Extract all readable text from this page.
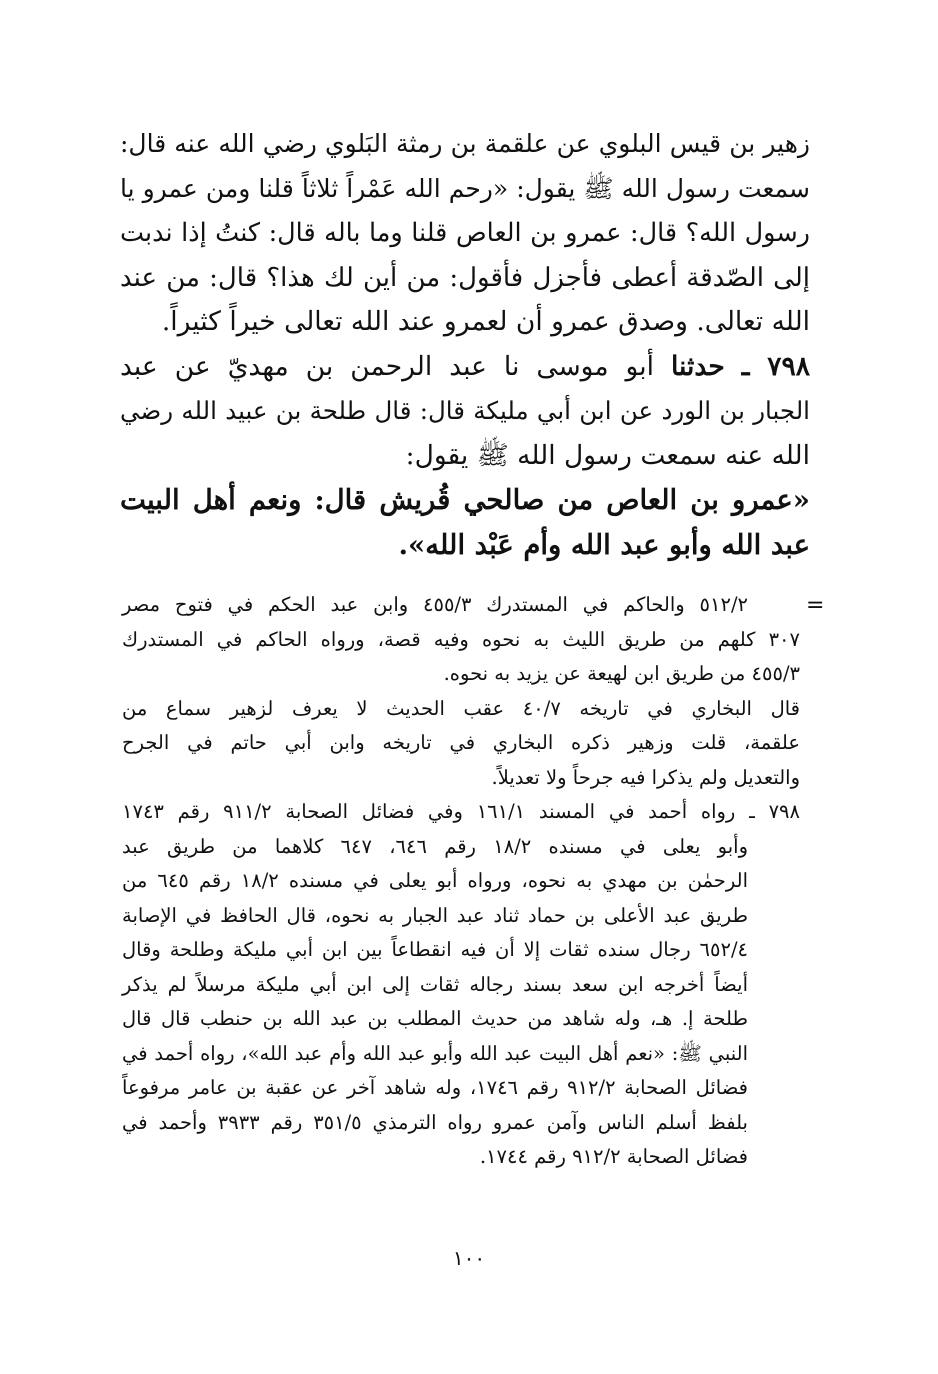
زهير بن قيس البلوي عن علقمة بن رمثة البَلوي رضي الله عنه قال:
سمعت رسول الله ﷺ يقول: «رحم الله عَمْراً ثلاثاً قلنا ومن عمرو يا
رسول الله؟ قال: عمرو بن العاص قلنا وما باله قال: كنتُ إذا ندبت
إلى الصّدقة أعطى فأجزل فأقول: من أين لك هذا؟ قال: من عند
الله تعالى. وصدق عمرو أن لعمرو عند الله تعالى خيراً كثيراً.
٧٩٨ ـ حدثنا أبو موسى نا عبد الرحمن بن مهديّ عن عبد
الجبار بن الورد عن ابن أبي مليكة قال: قال طلحة بن عبيد الله رضي
الله عنه سمعت رسول الله ﷺ يقول:
«عمرو بن العاص من صالحي قُريش قال: ونعم أهل البيت
عبد الله وأبو عبد الله وأم عَبْد الله».
=
٥١٢/٢ والحاكم في المستدرك ٤٥٥/٣ وابن عبد الحكم في فتوح مصر
٣٠٧ كلهم من طريق الليث به نحوه وفيه قصة، ورواه الحاكم في المستدرك
٤٥٥/٣ من طريق ابن لهيعة عن يزيد به نحوه.
قال البخاري في تاريخه ٤٠/٧ عقب الحديث لا يعرف لزهير سماع من
علقمة، قلت وزهير ذكره البخاري في تاريخه وابن أبي حاتم في الجرح
والتعديل ولم يذكرا فيه جرحاً ولا تعديلاً.
٧٩٨ ـ رواه أحمد في المسند ١٦١/١ وفي فضائل الصحابة ٩١١/٢ رقم ١٧٤٣
وأبو يعلى في مسنده ١٨/٢ رقم ٦٤٦، ٦٤٧ كلاهما من طريق عبد
الرحمٰن بن مهدي به نحوه، ورواه أبو يعلى في مسنده ١٨/٢ رقم ٦٤٥ من
طريق عبد الأعلى بن حماد ثناد عبد الجبار به نحوه، قال الحافظ في الإصابة
٦٥٢/٤ رجال سنده ثقات إلا أن فيه انقطاعاً بين ابن أبي مليكة وطلحة وقال
أيضاً أخرجه ابن سعد بسند رجاله ثقات إلى ابن أبي مليكة مرسلاً لم يذكر
طلحة إ. هـ، وله شاهد من حديث المطلب بن عبد الله بن حنطب قال قال
النبي ﷺ: «نعم أهل البيت عبد الله وأبو عبد الله وأم عبد الله»، رواه أحمد في
فضائل الصحابة ٩١٢/٢ رقم ١٧٤٦، وله شاهد آخر عن عقبة بن عامر مرفوعاً
بلفظ أسلم الناس وآمن عمرو رواه الترمذي ٣٥١/٥ رقم ٣٩٣٣ وأحمد في
فضائل الصحابة ٩١٢/٢ رقم ١٧٤٤.
١٠٠
